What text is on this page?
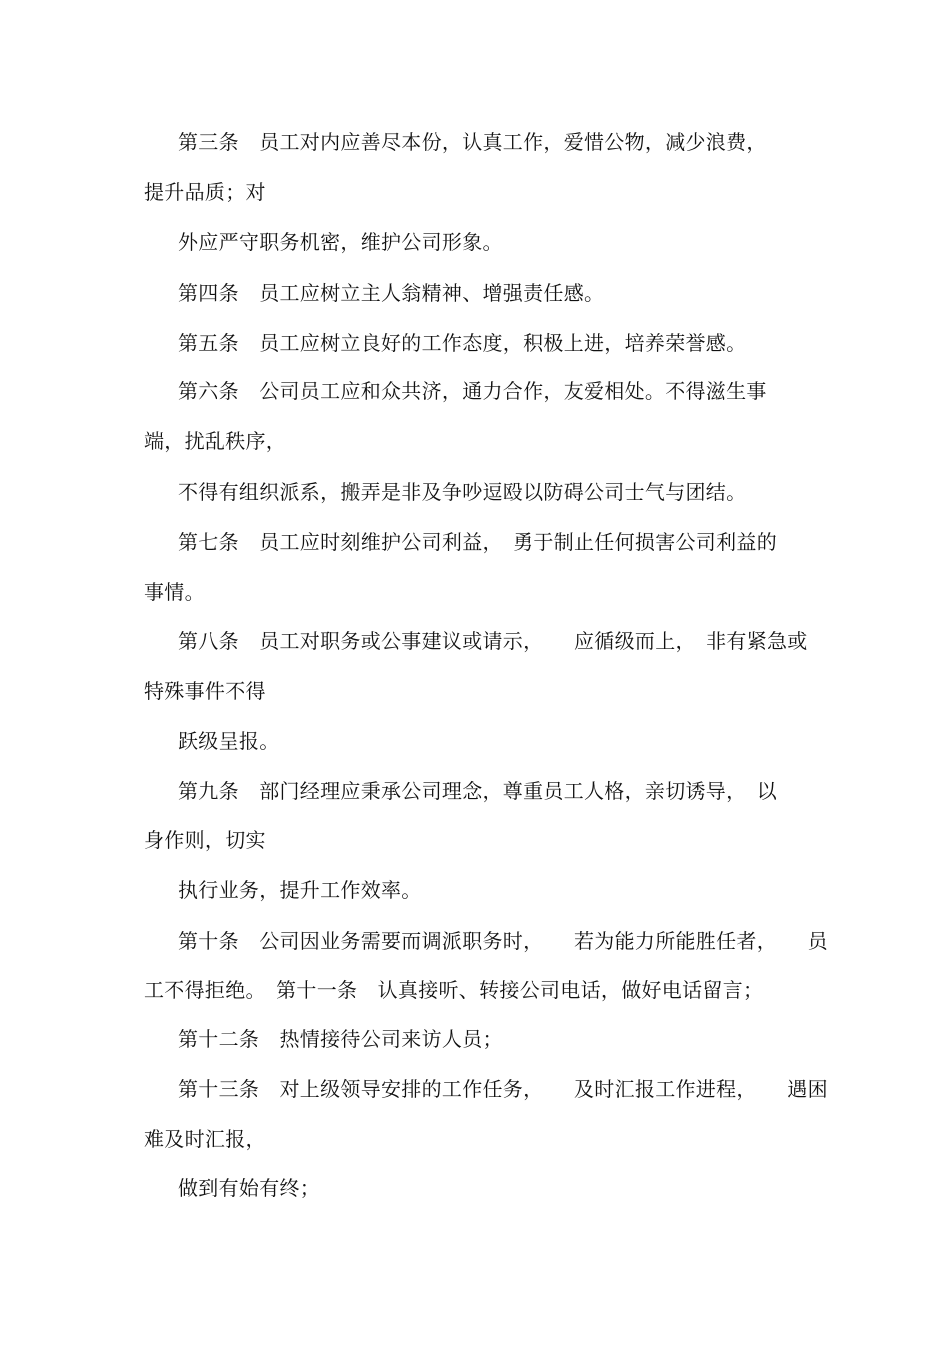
第三条　员工对内应善尽本份，认真工作，爱惜公物，减少浪费，
提升品质；对
外应严守职务机密，维护公司形象。
第四条　员工应树立主人翁精神、增强责任感。
第五条　员工应树立良好的工作态度，积极上进，培养荣誉感。
第六条　公司员工应和众共济，通力合作，友爱相处。不得滋生事
端，扰乱秩序，
不得有组织派系，搬弄是非及争吵逗殴以防碍公司士气与团结。
第七条　员工应时刻维护公司利益，　勇于制止任何损害公司利益的
事情。
第八条　员工对职务或公事建议或请示，　　应循级而上，　非有紧急或
特殊事件不得
跃级呈报。
第九条　部门经理应秉承公司理念，尊重员工人格，亲切诱导，　以
身作则，切实
执行业务，提升工作效率。
第十条　公司因业务需要而调派职务时，　　若为能力所能胜任者，　　员
工不得拒绝。　第十一条　认真接听、转接公司电话，做好电话留言；
第十二条　热情接待公司来访人员；
第十三条　对上级领导安排的工作任务，　　及时汇报工作进程，　　遇困
难及时汇报，
做到有始有终；
